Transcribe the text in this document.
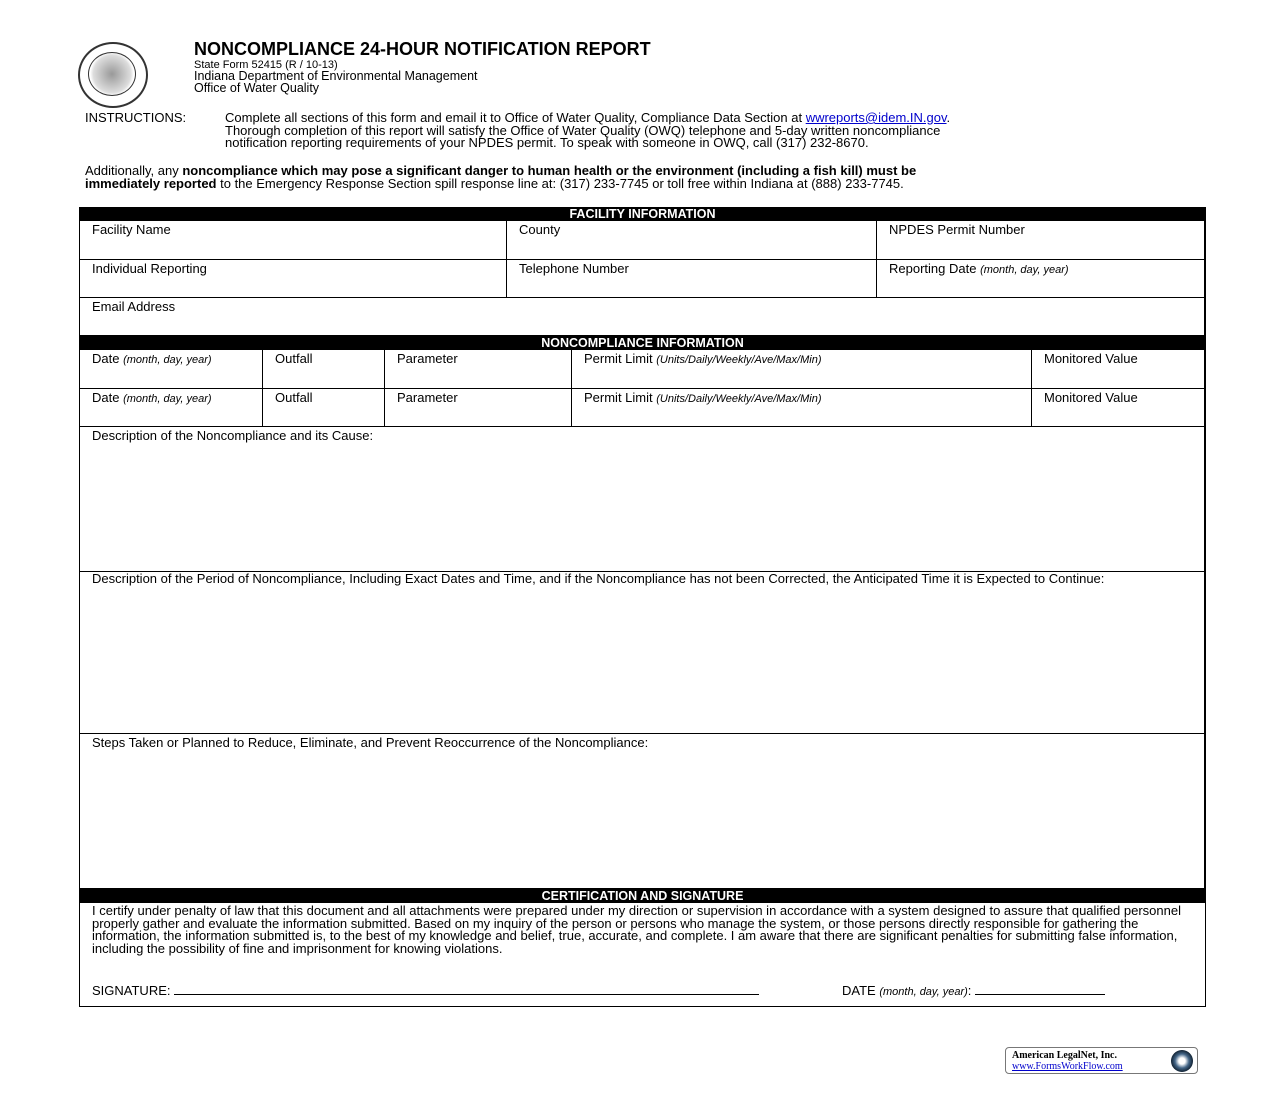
NONCOMPLIANCE 24-HOUR NOTIFICATION REPORT
State Form 52415 (R / 10-13)
Indiana Department of Environmental Management
Office of Water Quality
INSTRUCTIONS:	Complete all sections of this form and email it to Office of Water Quality, Compliance Data Section at wwreports@idem.IN.gov.
Thorough completion of this report will satisfy the Office of Water Quality (OWQ) telephone and 5-day written noncompliance
notification reporting requirements of your NPDES permit. To speak with someone in OWQ, call (317) 232-8670.
Additionally, any noncompliance which may pose a significant danger to human health or the environment (including a fish kill) must be
immediately reported to the Emergency Response Section spill response line at: (317) 233-7745 or toll free within Indiana at (888) 233-7745.
FACILITY INFORMATION
Facility Name	County	NPDES Permit Number
Individual Reporting	Telephone Number	Reporting Date (month, day, year)
Email Address
NONCOMPLIANCE INFORMATION
Date (month, day, year)	Outfall	Parameter	Permit Limit (Units/Daily/Weekly/Ave/Max/Min)	Monitored Value
Date (month, day, year)	Outfall	Parameter	Permit Limit (Units/Daily/Weekly/Ave/Max/Min)	Monitored Value
Description of the Noncompliance and its Cause:
Description of the Period of Noncompliance, Including Exact Dates and Time, and if the Noncompliance has not been Corrected, the Anticipated Time it is Expected to Continue:
Steps Taken or Planned to Reduce, Eliminate, and Prevent Reoccurrence of the Noncompliance:
CERTIFICATION AND SIGNATURE
I certify under penalty of law that this document and all attachments were prepared under my direction or supervision in accordance with a system designed to assure that qualified personnel properly gather and evaluate the information submitted. Based on my inquiry of the person or persons who manage the system, or those persons directly responsible for gathering the information, the information submitted is, to the best of my knowledge and belief, true, accurate, and complete. I am aware that there are significant penalties for submitting false information, including the possibility of fine and imprisonment for knowing violations.
SIGNATURE:	DATE (month, day, year):
American LegalNet, Inc.
www.FormsWorkFlow.com
